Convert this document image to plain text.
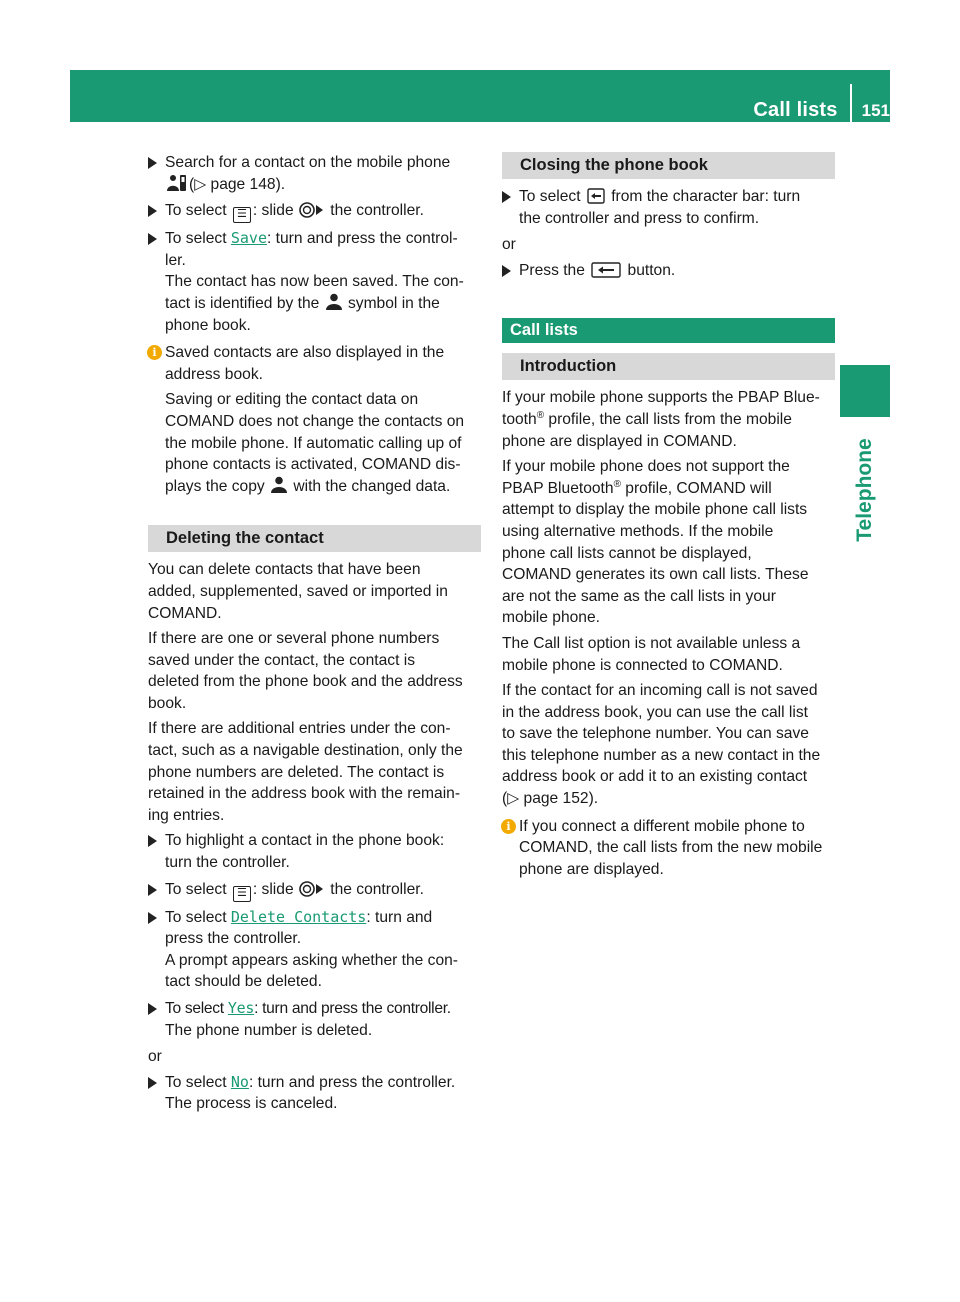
Call lists 151
Telephone
Search for a contact on the mobile phone
(▷ page 148).
To select ☰ : slide  the controller.
To select Save: turn and press the control-
ler.
The contact has now been saved. The con-
tact is identified by the  symbol in the
phone book.
i Saved contacts are also displayed in the
address book.
Saving or editing the contact data on
COMAND does not change the contacts on
the mobile phone. If automatic calling up of
phone contacts is activated, COMAND dis-
plays the copy  with the changed data.
Deleting the contact
You can delete contacts that have been
added, supplemented, saved or imported in
COMAND.
If there are one or several phone numbers
saved under the contact, the contact is
deleted from the phone book and the address
book.
If there are additional entries under the con-
tact, such as a navigable destination, only the
phone numbers are deleted. The contact is
retained in the address book with the remain-
ing entries.
To highlight a contact in the phone book:
turn the controller.
To select ☰ : slide  the controller.
To select Delete Contacts: turn and
press the controller.
A prompt appears asking whether the con-
tact should be deleted.
To select Yes: turn and press the controller.
The phone number is deleted.
or
To select No: turn and press the controller.
The process is canceled.
Closing the phone book
To select  from the character bar: turn
the controller and press to confirm.
or
Press the  button.
Call lists
Introduction
If your mobile phone supports the PBAP Blue-
tooth® profile, the call lists from the mobile
phone are displayed in COMAND.
If your mobile phone does not support the
PBAP Bluetooth® profile, COMAND will
attempt to display the mobile phone call lists
using alternative methods. If the mobile
phone call lists cannot be displayed,
COMAND generates its own call lists. These
are not the same as the call lists in your
mobile phone.
The Call list option is not available unless a
mobile phone is connected to COMAND.
If the contact for an incoming call is not saved
in the address book, you can use the call list
to save the telephone number. You can save
this telephone number as a new contact in the
address book or add it to an existing contact
(▷ page 152).
i If you connect a different mobile phone to
COMAND, the call lists from the new mobile
phone are displayed.
